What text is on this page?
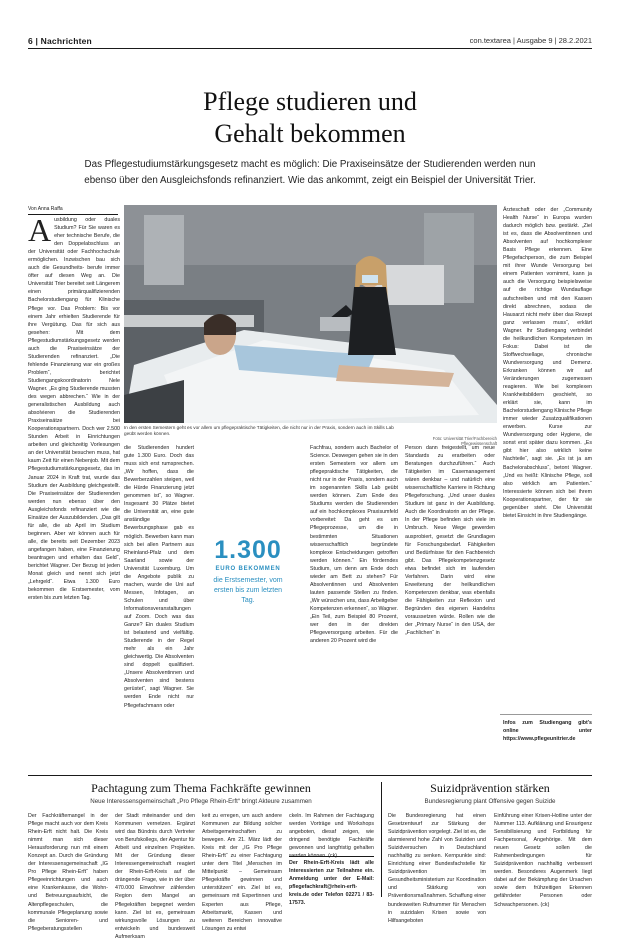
6 | Nachrichten	con.textarea | Ausgabe 9 | 28.2.2021
Pflege studieren und
Gehalt bekommen
Das Pflegestudiumstärkungsgesetz macht es möglich: Die Praxiseinsätze der Studierenden werden nun ebenso über den Ausgleichsfonds refinanziert. Wie das ankommt, zeigt ein Beispiel der Universität Trier.
Von Anna Raffa
A usbildung oder duales Studium? Für Sie waren es eher technische Berufe, die den Doppelabschluss an der Universität oder Fachhochschule ermöglichen. Inzwischen bau sich auch die Gesundheits- berufe immer öfter auf diesen Weg an. Die Universität Trier bereitet seit Längerem einen primärqualifizierenden Bachelorstudiengang für Klinische Pflege vor. Das Problem: Bis vor einem Jahr erhielten Studierende für ihre Vergütung. Das für sich aus gesehen: Mit dem Pflegestudiumstärkungsgesetz werden auch die Praxiseinsätze der Studierenden refinanziert. „Die fehlende Finanzierung war ein großes Problem“, berichtet Studiengangskoordinatorin Nele Wagner. „Es ging Studierende mussten des wegen abbrechen.“ Wie in der generalistischen Ausbildung auch absolvieren die Studierenden Praxiseinsätze bei Kooperationspartnern. Doch wer 2.500 Stunden Arbeit in Einrichtungen arbeiten und gleichzeitig Vorlesungen an der Universität besuchen muss, hat kaum Zeit für einen Nebenjob. Mit dem Pflegestudiumstärkungsgesetz, das im Januar 2024 in Kraft trat, wurde das Studium der Ausbildung gleichgestellt. Die Praxiseinsätze der Studierenden werden nun ebenso über den Ausgleichsfonds refinanziert wie die Einsätze der Auszubildenden. „Das gilt für alle, die ab April im Studium beginnen. Aber wir können auch für alle, die bereits seit Dezember 2023 angefangen haben, eine Finanzierung beantragen und erhalten das Geld“, berichtet Wagner. Der Bezug ist jeden Monat gleich und nennt sich jetzt „Lehrgeld“. Etwa 1.300 Euro bekommen die Erstsemester, vom ersten bis zum letzten Tag.
In den ersten Semestern geht es vor allem um pflegepraktische Tätigkeiten, die nicht nur in der Praxis, sondern auch im Skills Lab geübt werden können.
Foto: Universität Trier/Fachbereich Pflegewissenschaft
die Studierenden hundert gute 1.300 Euro. Doch das muss sich erst rumsprechen. „Wir hoffen, dass die Bewerberzahlen steigen, weil die Hürde Finanzierung jetzt genommen ist“, so Wagner. Insgesamt 30 Plätze bietet die Universität an, eine gute anständige Bewerbungsphase gab es möglich. Bewerben kann man sich bei allen Partnern aus Rheinland-Pfalz und dem Saarland sowie der Universität Luxemburg. Um die Angebote publik zu machen, wurde die Uni auf Messen, Infotagen, an Schulen und über Informationsveranstaltungen auf Zoom. Doch was das Ganze? Ein duales Studium ist belastend und vielfältig. Studierende in der Regel mehr als ein Jahr gleichwertig. Die Absolventen sind doppelt qualifiziert. „Unsere Absolventinnen und Absolventen sind bestens gerüstet“, sagt Wagner. Sie werden Ende nicht nur Pflegefachmann oder
1.300
EURO BEKOMMEN
die Erstsemester, vom ersten bis zum letzten Tag.
Fachfrau, sondern auch Bachelor of Science. Deswegen gehen sie in den ersten Semestern vor allem um pflegepraktische Tätigkeiten, die nicht nur in der Praxis, sondern auch im sogenannten Skills Lab geübt werden können. Zum Ende des Studiums werden die Studierenden auf ein hochkomplexes Praxisumfeld vorbereitet: Da geht es um Pflegeprozesse, um die in bestimmten Situationen wissenschaftlich begründete komplexe Entscheidungen getroffen werden können.“ Ein förderndes Studium, um denn am Ende doch wieder am Bett zu stehen? Für Absolventinnen und Absolventen lauten passende Stellen zu finden. „Wir wünschen uns, dass Arbeitgeber Kompetenzen erkennen“, so Wagner. „Ein Teil, zum Beispiel 80 Prozent, wer den in der direkten Pflegeversorgung arbeiten. Für die anderen 20 Prozent wird die
Person dann freigestellt, um neue Standards zu erarbeiten oder Beratungen durchzuführen.“ Auch Tätigkeiten im Casemanagement wären denkbar – und natürlich eine wissenschaftliche Karriere in Richtung Pflegeforschung. „Und unser duales Studium ist ganz in der Ausbildung. Auch die Koordinatorin an der Pflege. In der Pflege befinden sich viele im Umbruch. Neue Wege gewerden ausprobiert, gesetzt die Grundlagen für Forschungsbedarf. Fähigkeiten und Bedürfnisse für den Fachbereich gibt. Das Pflegekompetenzgesetz etwa befindet sich im laufenden Verfahren. Darin wird eine Erweiterung der heilkundlichen Kompetenzen denkbar, was ebenfalls die Fähigkeiten zur Reflexion und Begründen des eigenen Handelns voraussetzen würde. Rollen wie die der „Primary Nurse“ in den USA, der „Fachlichen“ in
Ärzteschaft oder der „Community Health Nurse“ in Europa wurden dadurch möglich bzw. gestärkt. „Ziel ist es, dass die Absolventinnen und Absolventen auf hochkomplexer Basis Pflege erkennen. Eine Pflegefachperson, die zum Beispiel mit ihrer Wunde Versorgung bei einem Patienten vornimmt, kann ja auch die Versorgung beispielsweise auf die richtige Wundauflage aufschreiben und mit den Kassen direkt abrechnen, sodass die Hausarzt nicht mehr über das Rezept ganz verlassen muss“, erklärt Wagner. Ihr Studiengang verbindet die heilkundlichen Kompetenzen im Fokus: Dabei ist die Stoffwechsellage, chronische Wundversorgung und Demenz. Erkranken können wir auf Veränderungen zugemessen reagieren. Wie bei komplexen Krankheitsbildern geschieht, so erklärt sie, kann im Bachelorstudiengang Klinische Pflege immer wieder Zusatzqualifikationen erwerben. Kurse zur Wundversorgung oder Hygiene, die sonst erst später dazu kommen. „Es gibt hier also wirklich keine Nachteile“, sagt sie. „Es ist ja am Bachelorabschluss“, betont Wagner. „Und es heißt: Klinische Pflege, soll also wirklich am Patienten.“ Interessierte können sich bei ihrem Kooperationspartner, der für sie gegenüber steht. Die Universität bietet Einsicht in ihre Studiengänge.
Infos zum Studiengang gibt's online unter https://www.pflegeunitrier.de
Pachtagung zum Thema Fachkräfte gewinnen
Neue Interessensgemeinschaft „Pro Pflege Rhein-Erft“ bringt Akteure zusammen
Der Fachkräftemangel in der Pflege macht auch vor dem Kreis Rhein-Erft nicht halt. Die Kreis nimmt man sich dieser Herausforderung nun mit einem Konzept an. Durch die Gründung der Interessensgemeinschaft „IG Pro Pflege Rhein-Erft“ haben Pflegeeinrichtungen und auch eine Krankenkasse, die Wohn- und Betreuungsaufsicht, die Altenpflegeschulen, die kommunale Pflegeplanung sowie die Senioren- und Pflegeberatungsstellen
der Stadt miteinander und den Kommunen vernetzen. Ergänzt wird das Bündnis durch Vertreter von Berufskollegs, der Agentur für Arbeit und einzelnen Projekten. Mit der Gründung dieser Interessengemeinschaft reagiert der Rhein-Erft-Kreis auf die drängende Frage, wie in der über 470.000 Einwohner zählenden Region dem Mangel an Pflegekräften begegnet werden kann. Ziel ist es, gemeinsam wirkungsvolle Lösungen zu entwickeln und bundesweit Aufmerksam
keit zu erregen, um auch andere Kommunen zur Bildung solcher Arbeitsgemeinschaften zu bewegen. Am 21. März lädt der Kreis mit der „IG Pro Pflege Rhein-Erft“ zu einer Fachtagung unter dem Titel „Menschen im Mittelpunkt – Gemeinsam Pflegekräfte gewinnen und unterstützen“ ein. Ziel ist es, gemeinsam mit Expertinnen und Experten aus Pflege, Arbeitsmarkt, Kassen und weiteren Bereichen innovative Lösungen zu entwi
ckeln. Im Rahmen der Fachtagung werden Vorträge und Workshops angeboten, diesaf zeigen, wie dringend benötigte Fachkräfte gewonnen und langfristig gehalten werden können. (ck)
Der Rhein-Erft-Kreis lädt alle Interessierten zur Teilnahme ein. Anmeldung unter der E-Mail: pflegefachkraft@rhein-erft-kreis.de oder Telefon 02271 / 83-17573.
Suizidprävention stärken
Bundesregierung plant Offensive gegen Suizide
Die Bundesregierung hat einen Gesetzentwurf zur Stärkung der Suizidprävention vorgelegt. Ziel ist es, die alarmierend hohe Zahl von Suiziden und Suizidversuchen in Deutschland nachhaltig zu senken. Kernpunkte sind: Einrichtung einer Bundesfachstelle für Suizidprävention im Gesundheitsministerium zur Koordination und Stärkung von Präventionsmaßnahmen. Schaffung einer bundesweiten Rufnummer für Menschen in suizidalen Krisen sowie von Hilfsangeboten
Einführung einer Krisen-Hotline unter der Nummer 113. Aufklärung und Ensurigenz Sensibilisierung und Fortbildung für Fachpersonal, Angehörige. Mit dem neuen Gesetz sollen die Rahmenbedingungen für Suizidprävention nachhaltig verbessert werden. Besonderes Augenmerk liegt dabei auf der Bekämpfung der Ursachen sowie dem frühzeitigen Erkennen gefährdeter Personen oder Schwachpersonen. (ck)
